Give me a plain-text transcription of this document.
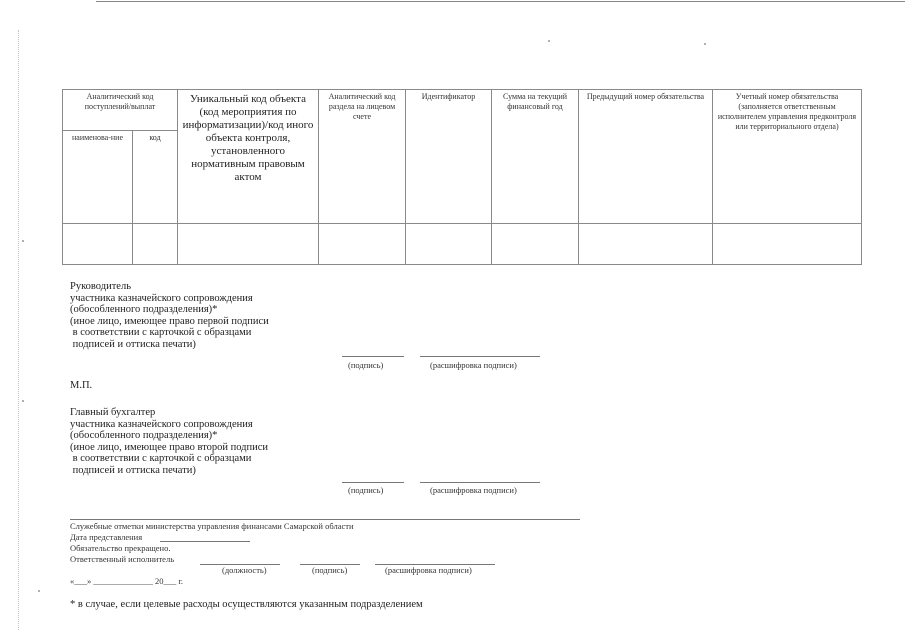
Аналитический код поступлений/выплат		Уникальный код объекта (код мероприятия по информатизации)/код иного объекта контроля, установленного нормативным правовым актом	Аналитический код раздела на лицевом счете	Идентификатор	Сумма на текущий финансовый год	Предыдущий номер обязательства	Учетный номер обязательства (заполняется ответственным исполнителем управления предконтроля или территориального отдела)
наименова-ние	код						

Руководитель
участника казначейского сопровождения
(обособленного подразделения)*
(иное лицо, имеющее право первой подписи
в соответствии с карточкой с образцами
подписей и оттиска печати)
(подпись)	(расшифровка подписи)
М.П.
Главный бухгалтер
участника казначейского сопровождения
(обособленного подразделения)*
(иное лицо, имеющее право второй подписи
в соответствии с карточкой с образцами
подписей и оттиска печати)
(подпись)	(расшифровка подписи)
Служебные отметки министерства управления финансами Самарской области
Дата представления
Обязательство прекращено.
Ответственный исполнитель
(должность)	(подпись)	(расшифровка подписи)
«___» ______________ 20___ г.
* в случае, если целевые расходы осуществляются указанным подразделением
